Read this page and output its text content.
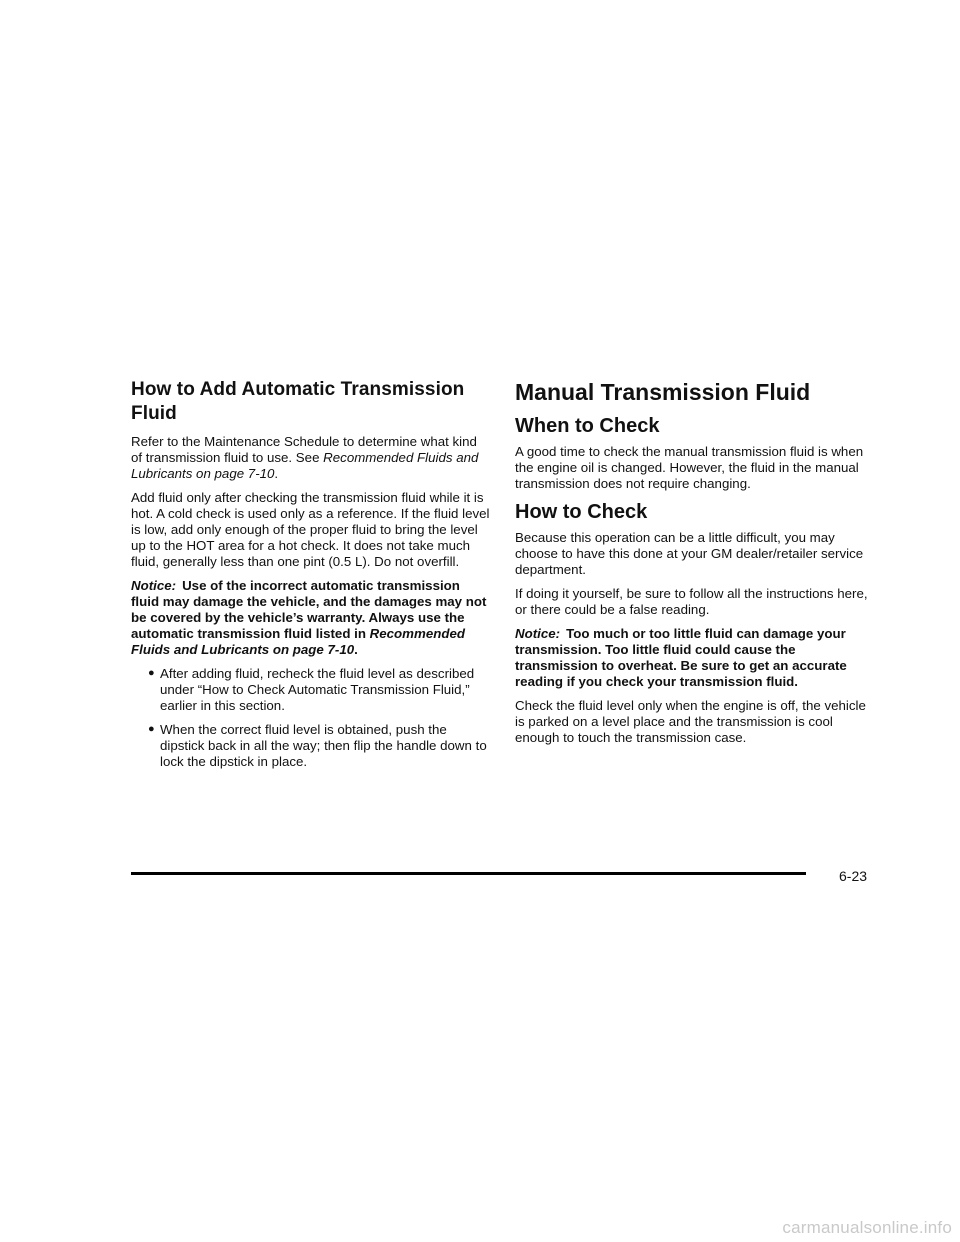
How to Add Automatic Transmission
Fluid

Refer to the Maintenance Schedule to determine what kind of transmission fluid to use. See Recommended Fluids and Lubricants on page 7-10.

Add fluid only after checking the transmission fluid while it is hot. A cold check is used only as a reference. If the fluid level is low, add only enough of the proper fluid to bring the level up to the HOT area for a hot check. It does not take much fluid, generally less than one pint (0.5 L). Do not overfill.

Notice: Use of the incorrect automatic transmission fluid may damage the vehicle, and the damages may not be covered by the vehicle’s warranty. Always use the automatic transmission fluid listed in Recommended Fluids and Lubricants on page 7-10.

● After adding fluid, recheck the fluid level as described under “How to Check Automatic Transmission Fluid,” earlier in this section.
● When the correct fluid level is obtained, push the dipstick back in all the way; then flip the handle down to lock the dipstick in place.
Manual Transmission Fluid
When to Check

A good time to check the manual transmission fluid is when the engine oil is changed. However, the fluid in the manual transmission does not require changing.

How to Check

Because this operation can be a little difficult, you may choose to have this done at your GM dealer/retailer service department.

If doing it yourself, be sure to follow all the instructions here, or there could be a false reading.

Notice: Too much or too little fluid can damage your transmission. Too little fluid could cause the transmission to overheat. Be sure to get an accurate reading if you check your transmission fluid.

Check the fluid level only when the engine is off, the vehicle is parked on a level place and the transmission is cool enough to touch the transmission case.

6-23
carmanualsonline.info
